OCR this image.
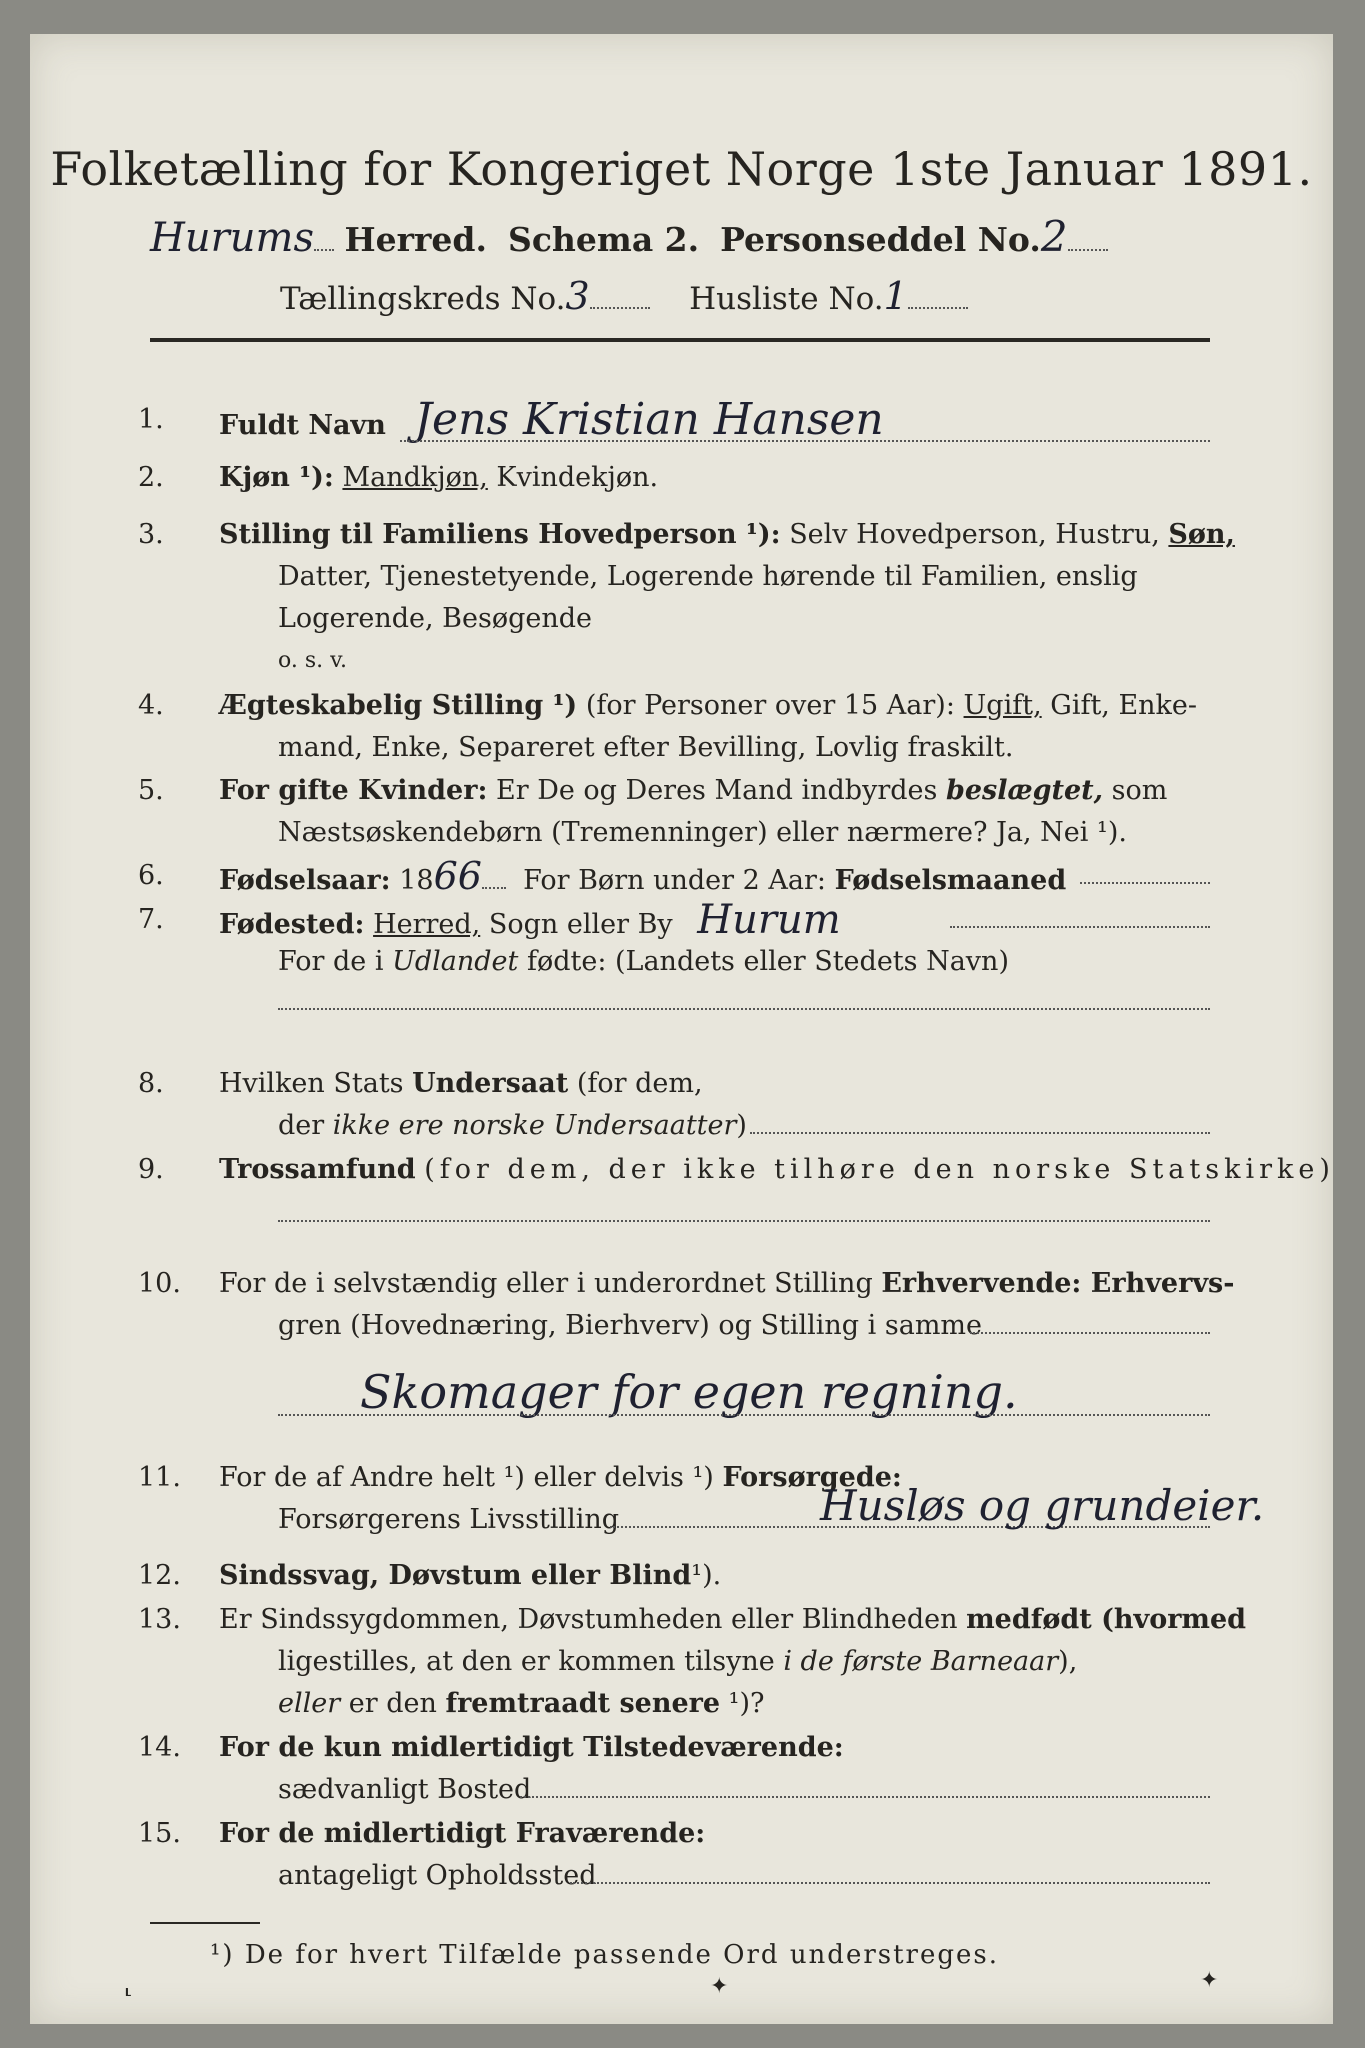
Folketælling for Kongeriget Norge 1ste Januar 1891.
Hurums Herred. Schema 2. Personseddel No.2
Tællingskreds No.3	Husliste No.1
1.	Fuldt Navn Jens Kristian Hansen
2.	Kjøn ¹): Mandkjøn, Kvindekjøn.
3.	Stilling til Familiens Hovedperson ¹): Selv Hovedperson, Hustru, Søn,
Datter, Tjenestetyende, Logerende hørende til Familien, enslig
Logerende, Besøgende
o. s. v.
4.	Ægteskabelig Stilling ¹) (for Personer over 15 Aar): Ugift, Gift, Enke-
mand, Enke, Separeret efter Bevilling, Lovlig fraskilt.
5.	For gifte Kvinder: Er De og Deres Mand indbyrdes beslægtet, som
Næstsøskendebørn (Tremenninger) eller nærmere? Ja, Nei ¹).
6.	Fødselsaar: 1866 For Børn under 2 Aar: Fødselsmaaned
7.	Fødested: Herred, Sogn eller By Hurum
For de i Udlandet fødte: (Landets eller Stedets Navn)
8.	Hvilken Stats Undersaat (for dem,
der ikke ere norske Undersaatter)
9.	Trossamfund (for dem, der ikke tilhøre den norske Statskirke)
10.	For de i selvstændig eller i underordnet Stilling Erhvervende: Erhvervs-
gren (Hovednæring, Bierhverv) og Stilling i samme
Skomager for egen regning.
11.	For de af Andre helt ¹) eller delvis ¹) Forsørgede:
Forsørgerens Livsstilling	Husløs og grundeier.
12.	Sindssvag, Døvstum eller Blind¹).
13.	Er Sindssygdommen, Døvstumheden eller Blindheden medfødt (hvormed
ligestilles, at den er kommen tilsyne i de første Barneaar),
eller er den fremtraadt senere ¹)?
14.	For de kun midlertidigt Tilstedeværende:
sædvanligt Bosted
15.	For de midlertidigt Fraværende:
antageligt Opholdssted
¹) De for hvert Tilfælde passende Ord understreges.
⸤	✦	✦
